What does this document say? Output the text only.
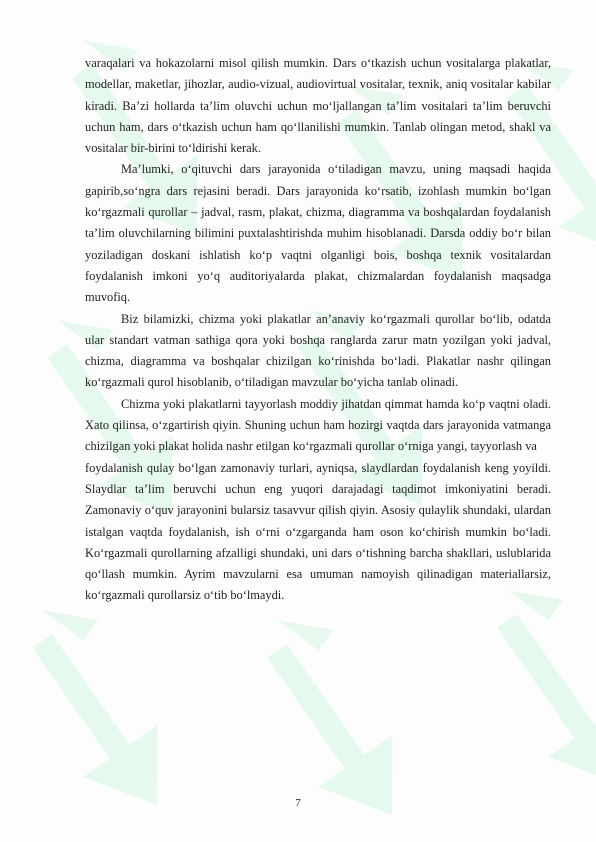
varaqalari va hokazolarni misol qilish mumkin. Dars o‘tkazish uchun vositalarga plakatlar, modellar, maketlar, jihozlar, audio-vizual, audiovirtual vositalar, texnik, aniq vositalar kabilar kiradi. Ba’zi hollarda ta’lim oluvchi uchun mo‘ljallangan ta’lim vositalari ta’lim beruvchi uchun ham, dars o‘tkazish uchun ham qo‘llanilishi mumkin. Tanlab olingan metod, shakl va vositalar bir-birini to‘ldirishi kerak.

Ma’lumki, o‘qituvchi dars jarayonida o‘tiladigan mavzu, uning maqsadi haqida gapirib,so‘ngra dars rejasini beradi. Dars jarayonida ko‘rsatib, izohlash mumkin bo‘lgan ko‘rgazmali qurollar – jadval, rasm, plakat, chizma, diagramma va boshqalardan foydalanish ta’lim oluvchilarning bilimini puxtalashtirishda muhim hisoblanadi. Darsda oddiy bo‘r bilan yoziladigan doskani ishlatish ko‘p vaqtni olganligi bois, boshqa texnik vositalardan foydalanish imkoni yo‘q auditoriyalarda plakat, chizmalardan foydalanish maqsadga muvofiq.

Biz bilamizki, chizma yoki plakatlar an’anaviy ko‘rgazmali qurollar bo‘lib, odatda ular standart vatman sathiga qora yoki boshqa ranglarda zarur matn yozilgan yoki jadval, chizma, diagramma va boshqalar chizilgan ko‘rinishda bo‘ladi. Plakatlar nashr qilingan ko‘rgazmali qurol hisoblanib, o‘tiladigan mavzular bo‘yicha tanlab olinadi.

Chizma yoki plakatlarni tayyorlash moddiy jihatdan qimmat hamda ko‘p vaqtni oladi. Xato qilinsa, o‘zgartirish qiyin. Shuning uchun ham hozirgi vaqtda dars jarayonida vatmanga chizilgan yoki plakat holida nashr etilgan ko‘rgazmali qurollar o‘rniga yangi, tayyorlash va

foydalanish qulay bo‘lgan zamonaviy turlari, ayniqsa, slaydlardan foydalanish keng yoyildi. Slaydlar ta’lim beruvchi uchun eng yuqori darajadagi taqdimot imkoniyatini beradi. Zamonaviy o‘quv jarayonini bularsiz tasavvur qilish qiyin. Asosiy qulaylik shundaki, ulardan istalgan vaqtda foydalanish, ish o‘rni o‘zgarganda ham oson ko‘chirish mumkin bo‘ladi. Ko‘rgazmali qurollarning afzalligi shundaki, uni dars o‘tishning barcha shakllari, uslublarida qo‘llash mumkin. Ayrim mavzularni esa umuman namoyish qilinadigan materiallarsiz, ko‘rgazmali qurollarsiz o‘tib bo‘lmaydi.

7
